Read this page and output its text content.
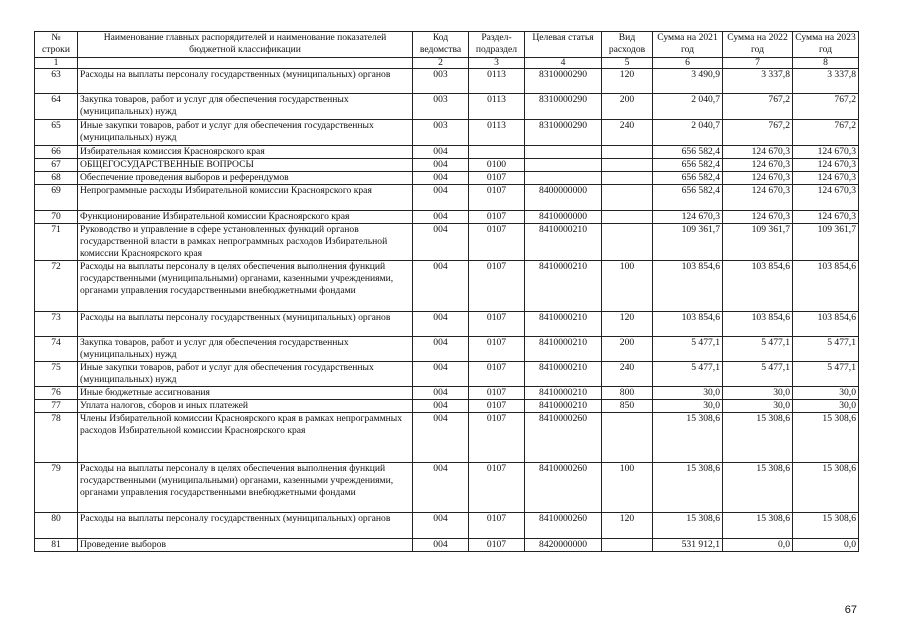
№ строки	Наименование главных распорядителей и наименование показателей бюджетной классификации	Код ведомства	Раздел-подраздел	Целевая статья	Вид расходов	Сумма на 2021 год	Сумма на 2022 год	Сумма на 2023 год
1		2	3	4	5	6	7	8
63	Расходы на выплаты персоналу государственных (муниципальных) органов	003	0113	8310000290	120	3 490,9	3 337,8	3 337,8
64	Закупка товаров, работ и услуг для обеспечения государственных (муниципальных) нужд	003	0113	8310000290	200	2 040,7	767,2	767,2
65	Иные закупки товаров, работ и услуг для обеспечения государственных (муниципальных) нужд	003	0113	8310000290	240	2 040,7	767,2	767,2
66	Избирательная комиссия Красноярского края	004				656 582,4	124 670,3	124 670,3
67	ОБЩЕГОСУДАРСТВЕННЫЕ ВОПРОСЫ	004	0100			656 582,4	124 670,3	124 670,3
68	Обеспечение проведения выборов и референдумов	004	0107			656 582,4	124 670,3	124 670,3
69	Непрограммные расходы Избирательной комиссии Красноярского края	004	0107	8400000000		656 582,4	124 670,3	124 670,3
70	Функционирование Избирательной комиссии Красноярского края	004	0107	8410000000		124 670,3	124 670,3	124 670,3
71	Руководство и управление в сфере установленных функций органов государственной власти в рамках непрограммных расходов Избирательной комиссии Красноярского края	004	0107	8410000210		109 361,7	109 361,7	109 361,7
72	Расходы на выплаты персоналу в целях обеспечения выполнения функций государственными (муниципальными) органами, казенными учреждениями, органами управления государственными внебюджетными фондами	004	0107	8410000210	100	103 854,6	103 854,6	103 854,6
73	Расходы на выплаты персоналу государственных (муниципальных) органов	004	0107	8410000210	120	103 854,6	103 854,6	103 854,6
74	Закупка товаров, работ и услуг для обеспечения государственных (муниципальных) нужд	004	0107	8410000210	200	5 477,1	5 477,1	5 477,1
75	Иные закупки товаров, работ и услуг для обеспечения государственных (муниципальных) нужд	004	0107	8410000210	240	5 477,1	5 477,1	5 477,1
76	Иные бюджетные ассигнования	004	0107	8410000210	800	30,0	30,0	30,0
77	Уплата налогов, сборов и иных платежей	004	0107	8410000210	850	30,0	30,0	30,0
78	Члены Избирательной комиссии Красноярского края в рамках непрограммных расходов Избирательной комиссии Красноярского края	004	0107	8410000260		15 308,6	15 308,6	15 308,6
79	Расходы на выплаты персоналу в целях обеспечения выполнения функций государственными (муниципальными) органами, казенными учреждениями, органами управления государственными внебюджетными фондами	004	0107	8410000260	100	15 308,6	15 308,6	15 308,6
80	Расходы на выплаты персоналу государственных (муниципальных) органов	004	0107	8410000260	120	15 308,6	15 308,6	15 308,6
81	Проведение выборов	004	0107	8420000000		531 912,1	0,0	0,0
67
